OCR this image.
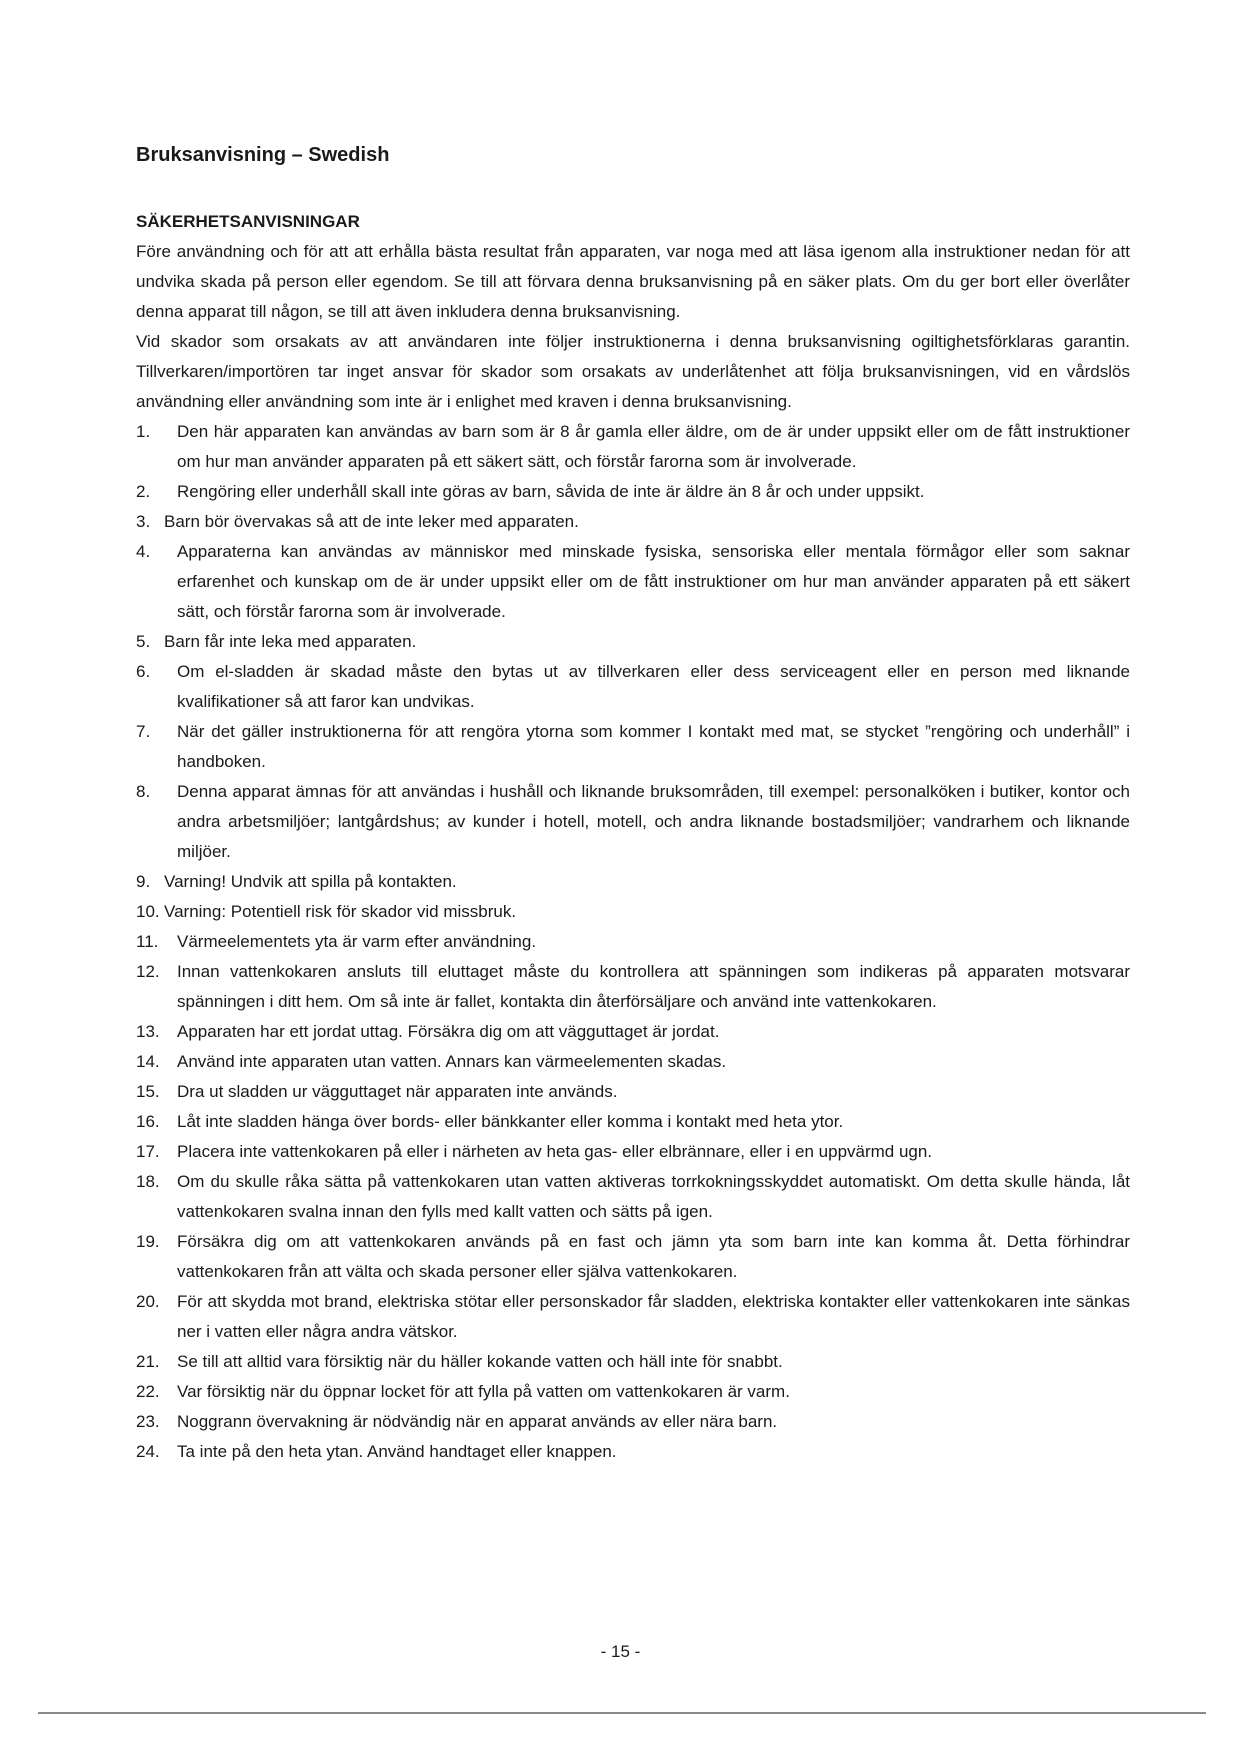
Bruksanvisning – Swedish
SÄKERHETSANVISNINGAR

Före användning och för att att erhålla bästa resultat från apparaten, var noga med att läsa igenom alla instruktioner nedan för att undvika skada på person eller egendom. Se till att förvara denna bruksanvisning på en säker plats. Om du ger bort eller överlåter denna apparat till någon, se till att även inkludera denna bruksanvisning.

Vid skador som orsakats av att användaren inte följer instruktionerna i denna bruksanvisning ogiltighetsförklaras garantin. Tillverkaren/importören tar inget ansvar för skador som orsakats av underlåtenhet att följa bruksanvisningen, vid en vårdslös användning eller användning som inte är i enlighet med kraven i denna bruksanvisning.

1. Den här apparaten kan användas av barn som är 8 år gamla eller äldre, om de är under uppsikt eller om de fått instruktioner om hur man använder apparaten på ett säkert sätt, och förstår farorna som är involverade.
2. Rengöring eller underhåll skall inte göras av barn, såvida de inte är äldre än 8 år och under uppsikt.
3. Barn bör övervakas så att de inte leker med apparaten.
4. Apparaterna kan användas av människor med minskade fysiska, sensoriska eller mentala förmågor eller som saknar erfarenhet och kunskap om de är under uppsikt eller om de fått instruktioner om hur man använder apparaten på ett säkert sätt, och förstår farorna som är involverade.
5. Barn får inte leka med apparaten.
6. Om el-sladden är skadad måste den bytas ut av tillverkaren eller dess serviceagent eller en person med liknande kvalifikationer så att faror kan undvikas.
7. När det gäller instruktionerna för att rengöra ytorna som kommer I kontakt med mat, se stycket ”rengöring och underhåll” i handboken.
8. Denna apparat ämnas för att användas i hushåll och liknande bruksområden, till exempel: personalköken i butiker, kontor och andra arbetsmiljöer; lantgårdshus; av kunder i hotell, motell, och andra liknande bostadsmiljöer; vandrarhem och liknande miljöer.
9. Varning! Undvik att spilla på kontakten.
10. Varning: Potentiell risk för skador vid missbruk.
11. Värmeelementets yta är varm efter användning.
12. Innan vattenkokaren ansluts till eluttaget måste du kontrollera att spänningen som indikeras på apparaten motsvarar spänningen i ditt hem. Om så inte är fallet, kontakta din återförsäljare och använd inte vattenkokaren.
13. Apparaten har ett jordat uttag. Försäkra dig om att vägguttaget är jordat.
14. Använd inte apparaten utan vatten. Annars kan värmeelementen skadas.
15. Dra ut sladden ur vägguttaget när apparaten inte används.
16. Låt inte sladden hänga över bords- eller bänkkanter eller komma i kontakt med heta ytor.
17. Placera inte vattenkokaren på eller i närheten av heta gas- eller elbrännare, eller i en uppvärmd ugn.
18. Om du skulle råka sätta på vattenkokaren utan vatten aktiveras torrkokningsskyddet automatiskt. Om detta skulle hända, låt vattenkokaren svalna innan den fylls med kallt vatten och sätts på igen.
19. Försäkra dig om att vattenkokaren används på en fast och jämn yta som barn inte kan komma åt. Detta förhindrar vattenkokaren från att välta och skada personer eller själva vattenkokaren.
20. För att skydda mot brand, elektriska stötar eller personskador får sladden, elektriska kontakter eller vattenkokaren inte sänkas ner i vatten eller några andra vätskor.
21. Se till att alltid vara försiktig när du häller kokande vatten och häll inte för snabbt.
22. Var försiktig när du öppnar locket för att fylla på vatten om vattenkokaren är varm.
23. Noggrann övervakning är nödvändig när en apparat används av eller nära barn.
24. Ta inte på den heta ytan. Använd handtaget eller knappen.
- 15 -
